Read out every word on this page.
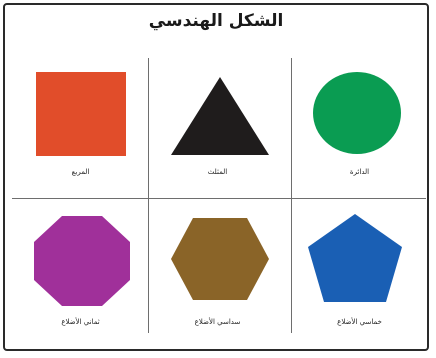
الشكل الهندسي
المربع	المثلث	الدائرة
ثماني الأضلاع	سداسي الأضلاع	خماسي الأضلاع
